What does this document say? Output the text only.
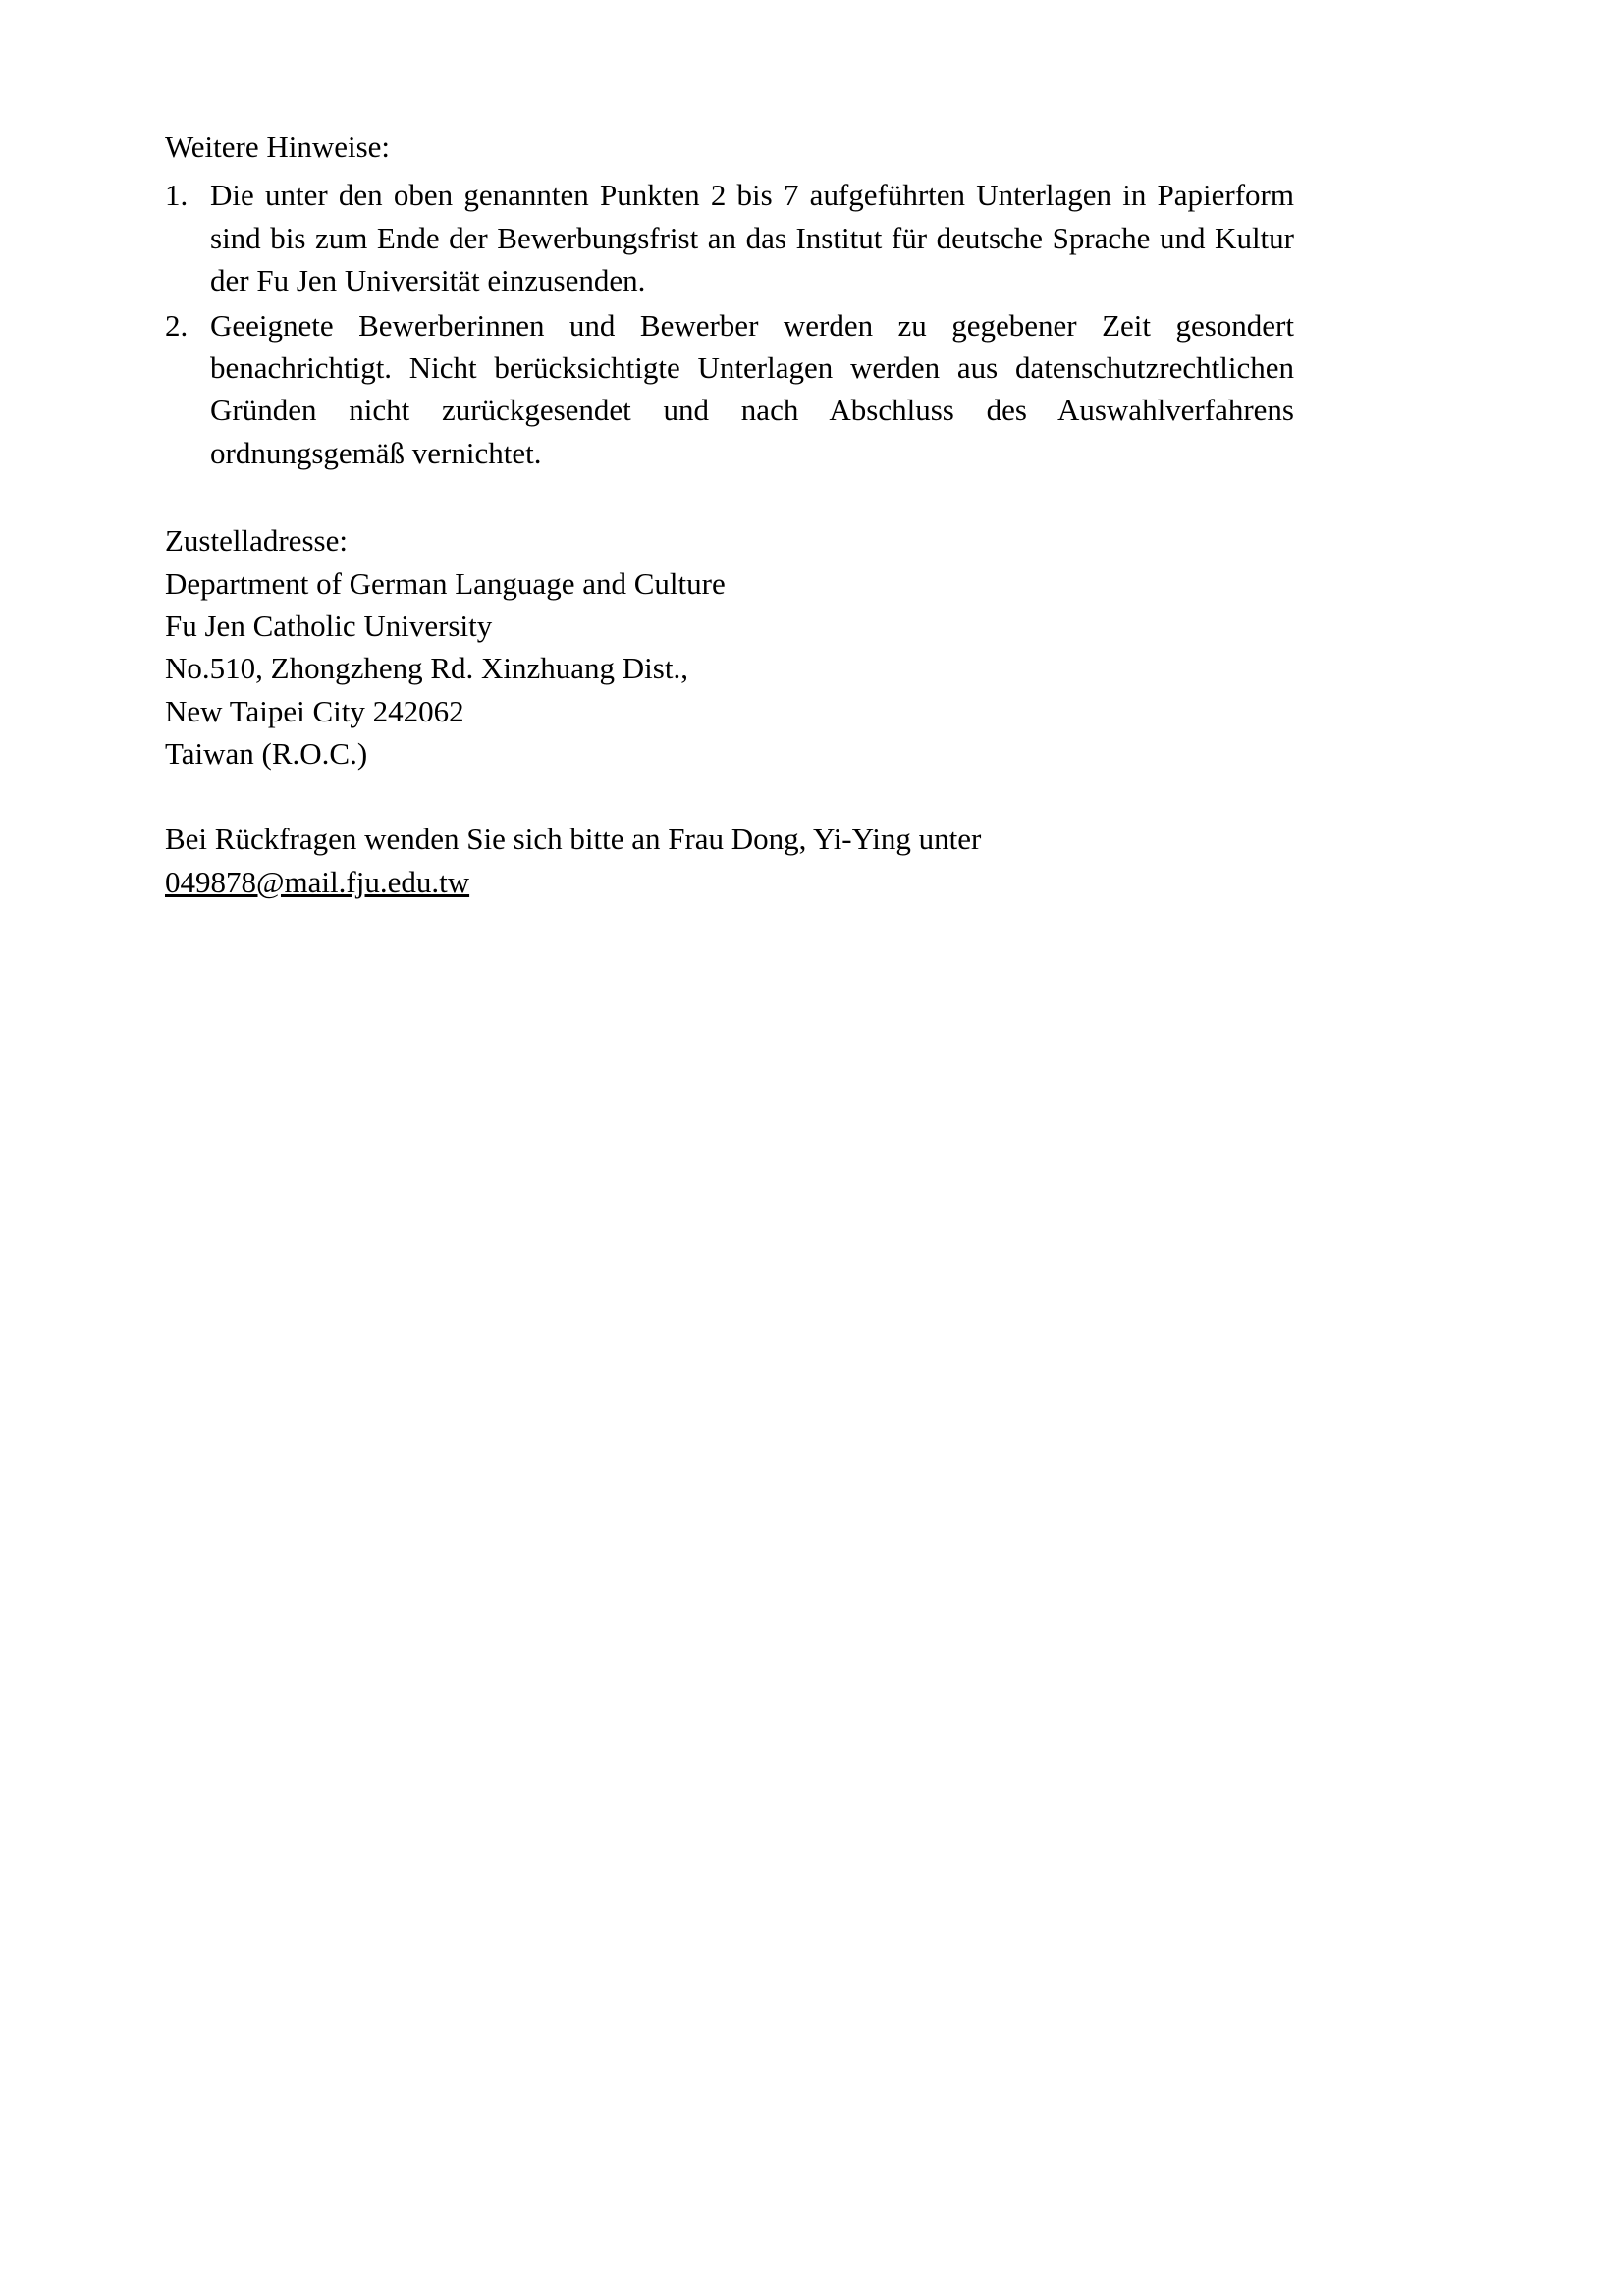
Weitere Hinweise:

1. Die unter den oben genannten Punkten 2 bis 7 aufgeführten Unterlagen in Papierform sind bis zum Ende der Bewerbungsfrist an das Institut für deutsche Sprache und Kultur der Fu Jen Universität einzusenden.
2. Geeignete Bewerberinnen und Bewerber werden zu gegebener Zeit gesondert benachrichtigt. Nicht berücksichtigte Unterlagen werden aus datenschutzrechtlichen Gründen nicht zurückgesendet und nach Abschluss des Auswahlverfahrens ordnungsgemäß vernichtet.

Zustelladresse:

Department of German Language and Culture

Fu Jen Catholic University

No.510, Zhongzheng Rd. Xinzhuang Dist.,

New Taipei City 242062

Taiwan (R.O.C.)

Bei Rückfragen wenden Sie sich bitte an Frau Dong, Yi-Ying unter

049878@mail.fju.edu.tw
